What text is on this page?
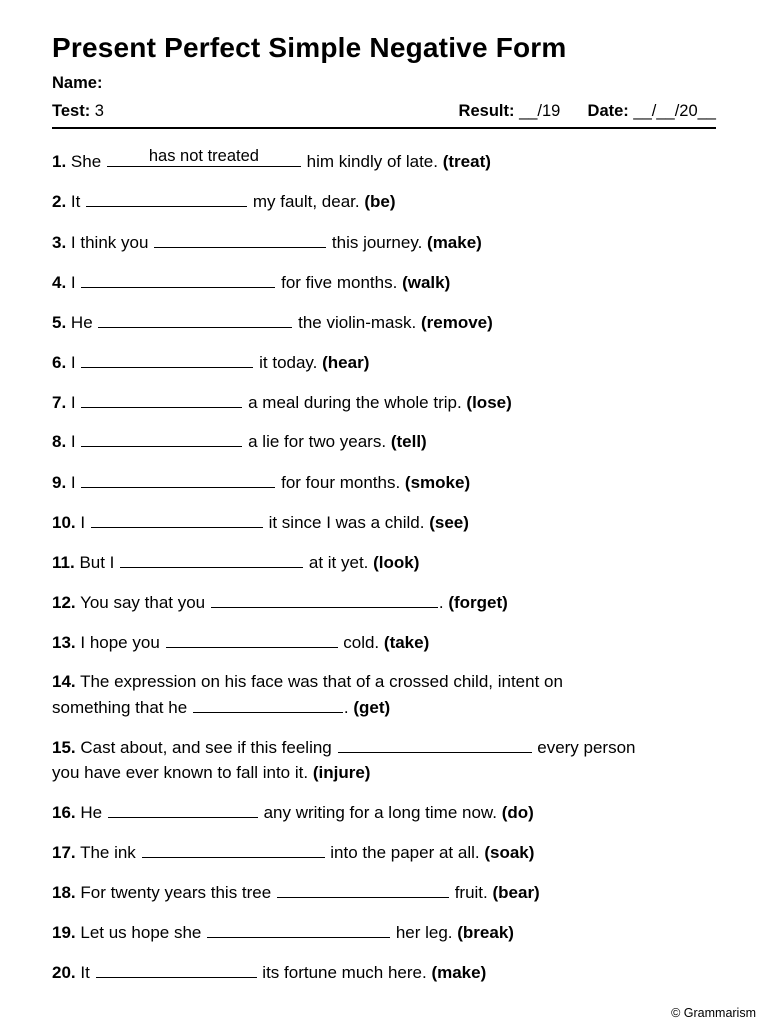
Present Perfect Simple Negative Form
Name:
Test: 3	Result: __/19 Date: __/__/20__
1. She	has not treated	him kindly of late. (treat)
2. It	my fault, dear. (be)
3. I think you	this journey. (make)
4. I	for five months. (walk)
5. He	the violin-mask. (remove)
6. I	it today. (hear)
7. I	a meal during the whole trip. (lose)
8. I	a lie for two years. (tell)
9. I	for four months. (smoke)
10. I	it since I was a child. (see)
11. But I	at it yet. (look)
12. You say that you	. (forget)
13. I hope you	cold. (take)
14. The expression on his face was that of a crossed child, intent on
something that he	. (get)
15. Cast about, and see if this feeling	every person
you have ever known to fall into it. (injure)
16. He	any writing for a long time now. (do)
17. The ink	into the paper at all. (soak)
18. For twenty years this tree	fruit. (bear)
19. Let us hope she	her leg. (break)
20. It	its fortune much here. (make)
© Grammarism
